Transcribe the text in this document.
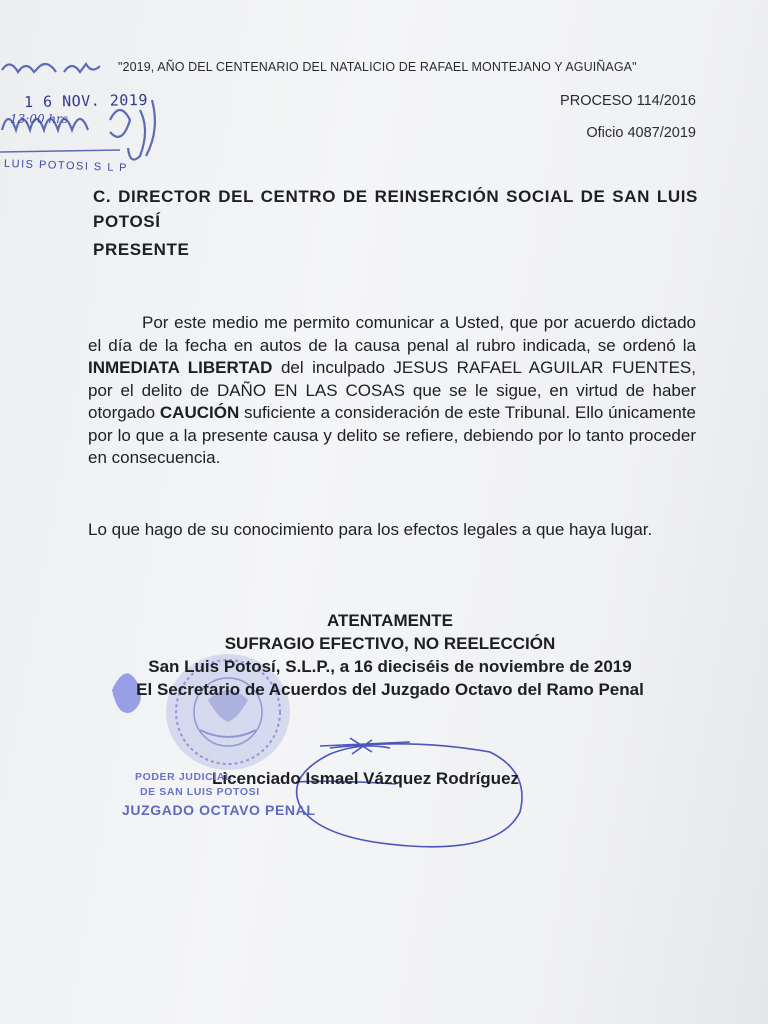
1 6 NOV. 2019
13:00 hrs
LUIS POTOSI S L P
"2019, AÑO DEL CENTENARIO DEL NATALICIO DE RAFAEL MONTEJANO Y AGUIÑAGA"
PROCESO 114/2016
Oficio 4087/2019
C. DIRECTOR DEL CENTRO DE REINSERCIÓN SOCIAL DE SAN LUIS POTOSÍ
PRESENTE
Por este medio me permito comunicar a Usted, que por acuerdo dictado el día de la fecha en autos de la causa penal al rubro indicada, se ordenó la INMEDIATA LIBERTAD del inculpado JESUS RAFAEL AGUILAR FUENTES, por el delito de DAÑO EN LAS COSAS que se le sigue, en virtud de haber otorgado CAUCIÓN suficiente a consideración de este Tribunal. Ello únicamente por lo que a la presente causa y delito se refiere, debiendo por lo tanto proceder en consecuencia.
Lo que hago de su conocimiento para los efectos legales a que haya lugar.
ATENTAMENTE
SUFRAGIO EFECTIVO, NO REELECCIÓN
San Luis Potosí, S.L.P., a 16 dieciséis de noviembre de 2019
El Secretario de Acuerdos del Juzgado Octavo del Ramo Penal
Licenciado Ismael Vázquez Rodríguez
PODER JUDICIAL
DE SAN LUIS POTOSI
JUZGADO OCTAVO PENAL
